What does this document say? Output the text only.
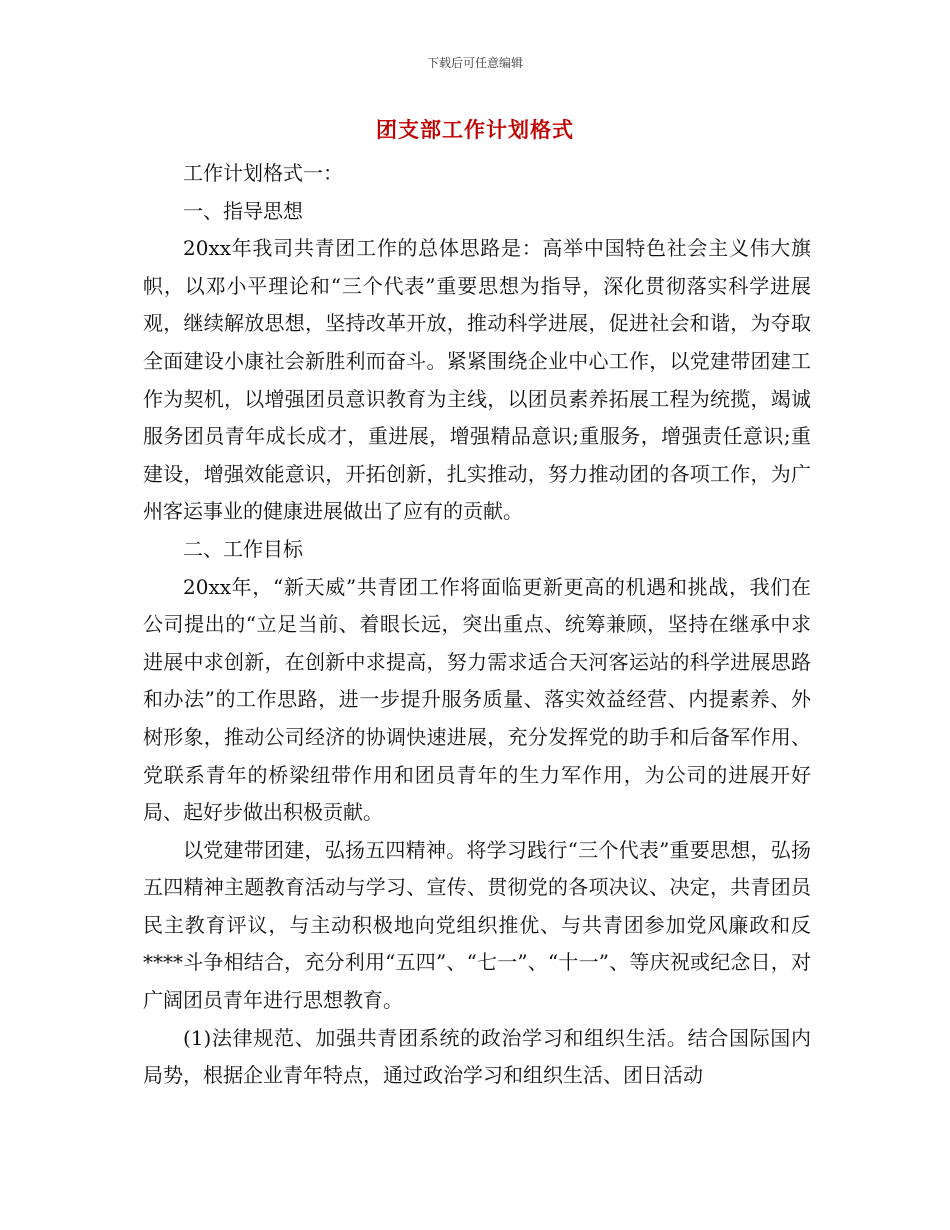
下载后可任意编辑
团支部工作计划格式

工作计划格式一：

一、指导思想

20xx年我司共青团工作的总体思路是：高举中国特色社会主义伟大旗帜，以邓小平理论和“三个代表”重要思想为指导，深化贯彻落实科学进展观，继续解放思想，坚持改革开放，推动科学进展，促进社会和谐，为夺取全面建设小康社会新胜利而奋斗。紧紧围绕企业中心工作，以党建带团建工作为契机，以增强团员意识教育为主线，以团员素养拓展工程为统揽，竭诚服务团员青年成长成才，重进展，增强精品意识;重服务，增强责任意识;重建设，增强效能意识，开拓创新，扎实推动，努力推动团的各项工作，为广州客运事业的健康进展做出了应有的贡献。

二、工作目标

20xx年，“新天威”共青团工作将面临更新更高的机遇和挑战，我们在公司提出的“立足当前、着眼长远，突出重点、统筹兼顾，坚持在继承中求进展中求创新，在创新中求提高，努力需求适合天河客运站的科学进展思路和办法”的工作思路，进一步提升服务质量、落实效益经营、内提素养、外树形象，推动公司经济的协调快速进展，充分发挥党的助手和后备军作用、党联系青年的桥梁纽带作用和团员青年的生力军作用，为公司的进展开好局、起好步做出积极贡献。

以党建带团建，弘扬五四精神。将学习践行“三个代表”重要思想，弘扬五四精神主题教育活动与学习、宣传、贯彻党的各项决议、决定，共青团员民主教育评议，与主动积极地向党组织推优、与共青团参加党风廉政和反****斗争相结合，充分利用“五四”、“七一”、“十一”、等庆祝或纪念日，对广阔团员青年进行思想教育。

(1)法律规范、加强共青团系统的政治学习和组织生活。结合国际国内局势，根据企业青年特点，通过政治学习和组织生活、团日活动
